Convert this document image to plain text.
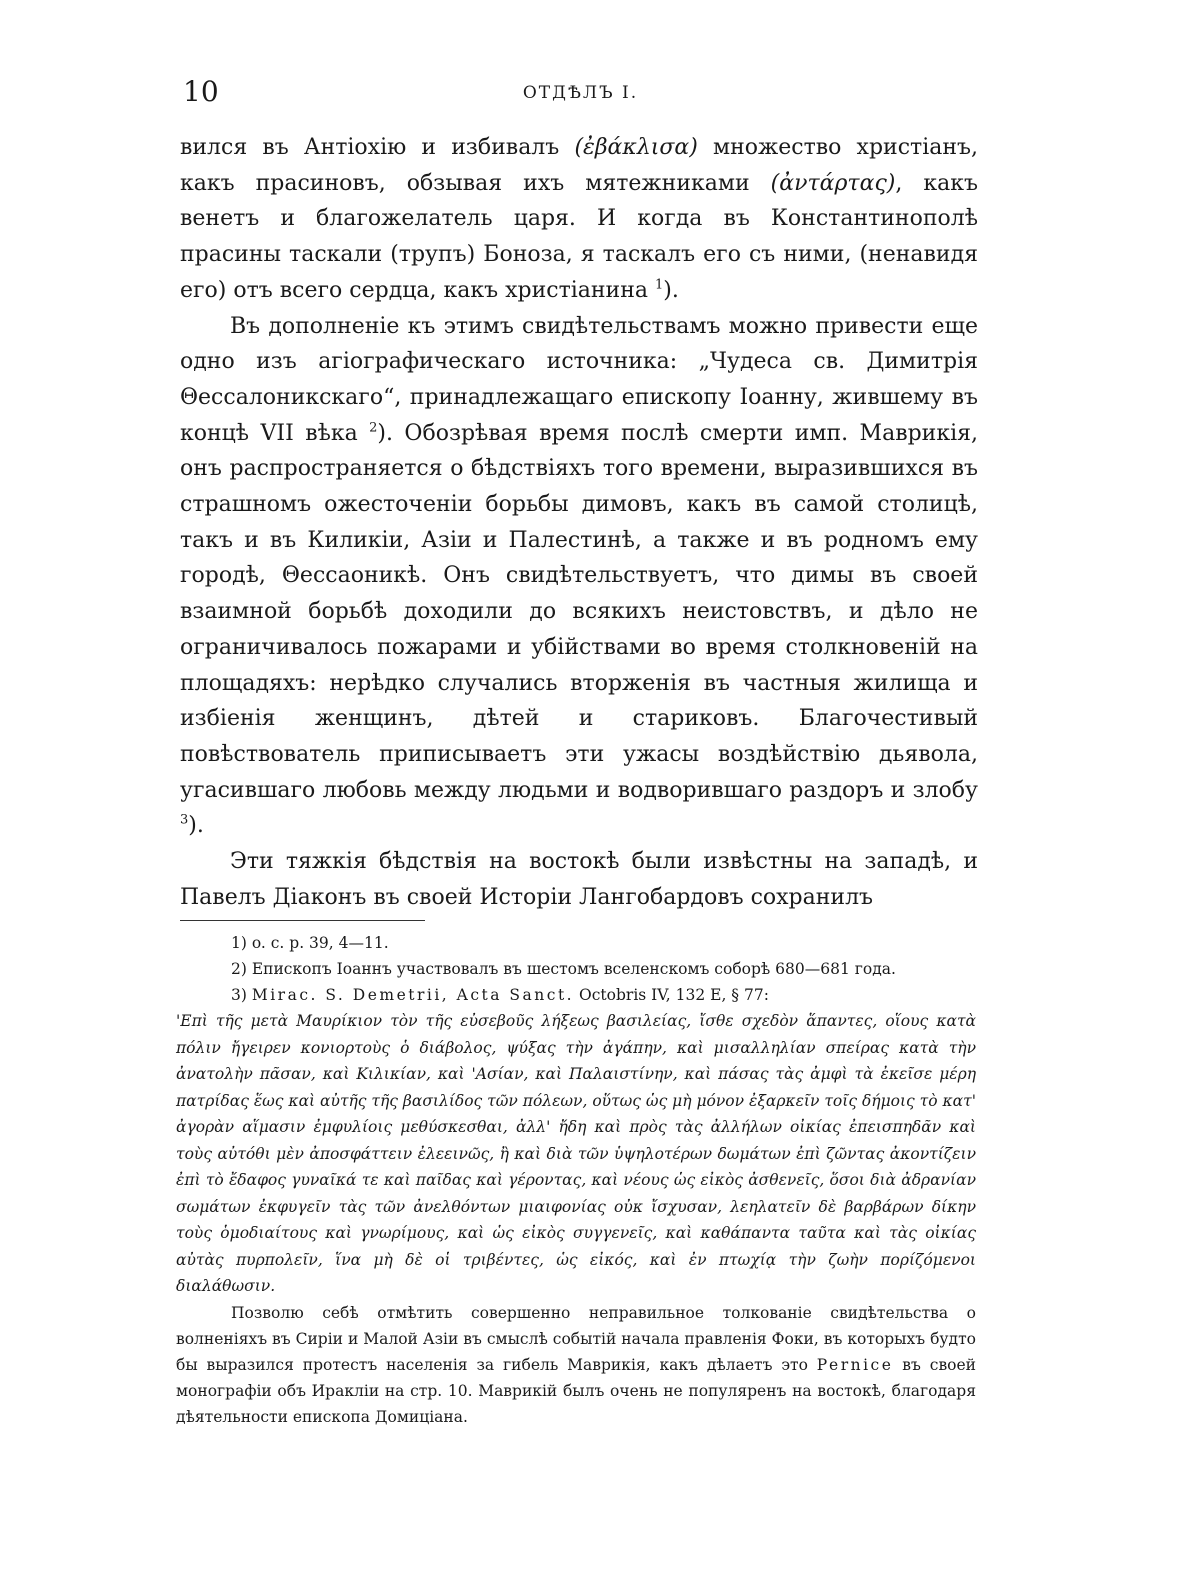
10	ОТДѢЛЪ I.

вился въ Антіохію и избивалъ (ἐβάκλισα) множество христіанъ, какъ прасиновъ, обзывая ихъ мятежниками (ἀντάρτας), какъ венетъ и благожелатель царя. И когда въ Константинополѣ прасины таскали (трупъ) Боноза, я таскалъ его съ ними, (ненавидя его) отъ всего сердца, какъ христіанина $^1$).

Въ дополненіе къ этимъ свидѣтельствамъ можно привести еще одно изъ агіографическаго источника: „Чудеса св. Димитрія Θессалоникскаго“, принадлежащаго епископу Іоанну, жившему въ концѣ VII вѣка $^2$). Обозрѣвая время послѣ смерти имп. Маврикія, онъ распространяется о бѣдствіяхъ того времени, выразившихся въ страшномъ ожесточеніи борьбы димовъ, какъ въ самой столицѣ, такъ и въ Киликіи, Азіи и Палестинѣ, а также и въ родномъ ему городѣ, Θессаоникѣ. Онъ свидѣтельствуетъ, что димы въ своей взаимной борьбѣ доходили до всякихъ неистовствъ, и дѣло не ограничивалось пожарами и убійствами во время столкновеній на площадяхъ: нерѣдко случались вторженія въ частныя жилища и избіенія женщинъ, дѣтей и стариковъ. Благочестивый повѣствователь приписываетъ эти ужасы воздѣйствію дьявола, угасившаго любовь между людьми и водворившаго раздоръ и злобу $^3$).

Эти тяжкія бѣдствія на востокѣ были извѣстны на западѣ, и Павелъ Діаконъ въ своей Исторіи Лангобардовъ сохранилъ

1) o. c. p. 39, 4—11.

2) Епископъ Іоаннъ участвовалъ въ шестомъ вселенскомъ соборѣ 680—681 года.

3) Mirac. S. Demetrii, Acta Sanct. Octobris IV, 132 E, § 77:

'Επὶ τῆς μετὰ Μαυρίκιον τὸν τῆς εὐσεβοῦς λήξεως βασιλείας, ἴσθε σχεδὸν ἅπαντες, οἵους κατὰ πόλιν ἤγειρεν κονιορτοὺς ὁ διάβολος, ψύξας τὴν ἀγάπην, καὶ μισαλληλίαν σπείρας κατὰ τὴν ἀνατολὴν πᾶσαν, καὶ Κιλικίαν, καὶ 'Ασίαν, καὶ Παλαιστίνην, καὶ πάσας τὰς ἀμφὶ τὰ ἐκεῖσε μέρη πατρίδας ἕως καὶ αὐτῆς τῆς βασιλίδος τῶν πόλεων, οὕτως ὡς μὴ μόνον ἐξαρκεῖν τοῖς δήμοις τὸ κατ' ἀγορὰν αἵμασιν ἐμφυλίοις μεθύσκεσθαι, ἀλλ' ἤδη καὶ πρὸς τὰς ἀλλήλων οἰκίας ἐπεισπηδᾶν καὶ τοὺς αὐτόθι μὲν ἀποσφάττειν ἐλεεινῶς, ἢ καὶ διὰ τῶν ὑψηλοτέρων δωμάτων ἐπὶ ζῶντας ἀκοντίζειν ἐπὶ τὸ ἔδαφος γυναῖκά τε καὶ παῖδας καὶ γέροντας, καὶ νέους ὡς εἰκὸς ἀσθενεῖς, ὅσοι διὰ ἀδρανίαν σωμάτων ἐκφυγεῖν τὰς τῶν ἀνελθόντων μιαιφονίας οὐκ ἴσχυσαν, λεηλατεῖν δὲ βαρβάρων δίκην τοὺς ὁμοδιαίτους καὶ γνωρίμους, καὶ ὡς εἰκὸς συγγενεῖς, καὶ καθάπαντα ταῦτα καὶ τὰς οἰκίας αὐτὰς πυρπολεῖν, ἵνα μὴ δὲ οἱ τριβέντες, ὡς εἰκός, καὶ ἐν πτωχίᾳ τὴν ζωὴν πορίζόμενοι διαλάθωσιν.

Позволю себѣ отмѣтить совершенно неправильное толкованіе свидѣтельства о волненіяхъ въ Сиріи и Малой Азіи въ смыслѣ событій начала правленія Фоки, въ которыхъ будто бы выразился протестъ населенія за гибель Маврикія, какъ дѣлаетъ это Pernice въ своей монографіи объ Иракліи на стр. 10. Маврикій былъ очень не популяренъ на востокѣ, благодаря дѣятельности епископа Домиціана.
